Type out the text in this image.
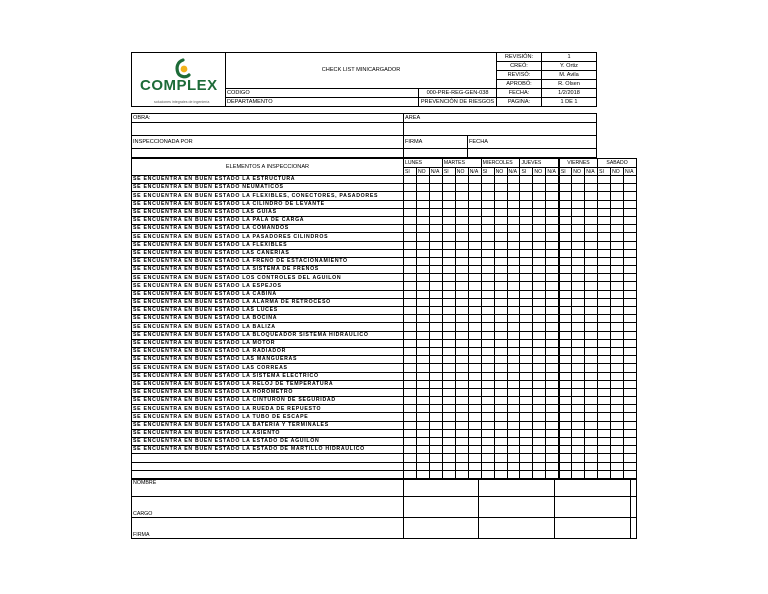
COMPLEX
soluciones integrales de ingeniería	CHECK LIST MINICARGADOR		REVISIÓN:	1
			CREÓ:	Y. Ortiz
			REVISÓ:	M. Avila
			APROBÓ:	R. Olsen
	CODIGO	000-PRE-REG-GEN-038	FECHA:	1/2/2018
	DEPARTAMENTO	PREVENCIÓN DE RIESGOS	PAGINA:	1 DE 1
OBRA:	AREA	

INSPECCIONADA POR	FIRMA	FECHA

ELEMENTOS A INSPECCIONAR	LUNES			MARTES			MIERCOLES			JUEVES			VIERNES			SABADO		
	SI	NO	N/A	SI	NO	N/A	SI	NO	N/A	SI	NO	N/A	SI	NO	N/A	SI	NO	N/A
SE ENCUENTRA EN BUEN ESTADO LA ESTRUCTURA																		
SE ENCUENTRA EN BUEN ESTADO NEUMATICOS																		
SE ENCUENTRA EN BUEN ESTADO LA FLEXIBLES, CONECTORES, PASADORES																		
SE ENCUENTRA EN BUEN ESTADO LA CILINDRO DE LEVANTE																		
SE ENCUENTRA EN BUEN ESTADO LAS GUIAS																		
SE ENCUENTRA EN BUEN ESTADO LA PALA DE CARGA																		
SE ENCUENTRA EN BUEN ESTADO LA COMANDOS																		
SE ENCUENTRA EN BUEN ESTADO LA PASADORES CILINDROS																		
SE ENCUENTRA EN BUEN ESTADO LA FLEXIBLES																		
SE ENCUENTRA EN BUEN ESTADO LAS CAÑERIAS																		
SE ENCUENTRA EN BUEN ESTADO LA FRENO DE ESTACIONAMIENTO																		
SE ENCUENTRA EN BUEN ESTADO LA SISTEMA DE FRENOS																		
SE ENCUENTRA EN BUEN ESTADO LOS CONTROLES DEL AGUILON																		
SE ENCUENTRA EN BUEN ESTADO LA ESPEJOS																		
SE ENCUENTRA EN BUEN ESTADO LA CABINA																		
SE ENCUENTRA EN BUEN ESTADO LA ALARMA DE RETROCESO																		
SE ENCUENTRA EN BUEN ESTADO LAS LUCES																		
SE ENCUENTRA EN BUEN ESTADO LA BOCINA																		
SE ENCUENTRA EN BUEN ESTADO LA BALIZA																		
SE ENCUENTRA EN BUEN ESTADO LA BLOQUEADOR SISTEMA HIDRAULICO																		
SE ENCUENTRA EN BUEN ESTADO LA MOTOR																		
SE ENCUENTRA EN BUEN ESTADO LA RADIADOR																		
SE ENCUENTRA EN BUEN ESTADO LAS MANGUERAS																		
SE ENCUENTRA EN BUEN ESTADO LAS CORREAS																		
SE ENCUENTRA EN BUEN ESTADO LA SISTEMA ELECTRICO																		
SE ENCUENTRA EN BUEN ESTADO LA RELOJ DE TEMPERATURA																		
SE ENCUENTRA EN BUEN ESTADO LA HOROMETRO																		
SE ENCUENTRA EN BUEN ESTADO LA CINTURON DE SEGURIDAD																		
SE ENCUENTRA EN BUEN ESTADO LA RUEDA DE REPUESTO																		
SE ENCUENTRA EN BUEN ESTADO LA TUBO DE ESCAPE																		
SE ENCUENTRA EN BUEN ESTADO LA BATERIA Y TERMINALES																		
SE ENCUENTRA EN BUEN ESTADO LA ASIENTO																		
SE ENCUENTRA EN BUEN ESTADO LA ESTADO DE AGUILON																		
SE ENCUENTRA EN BUEN ESTADO LA ESTADO DE MARTILLO HIDRAULICO																		

NOMBRE				
CARGO				
FIRMA				
